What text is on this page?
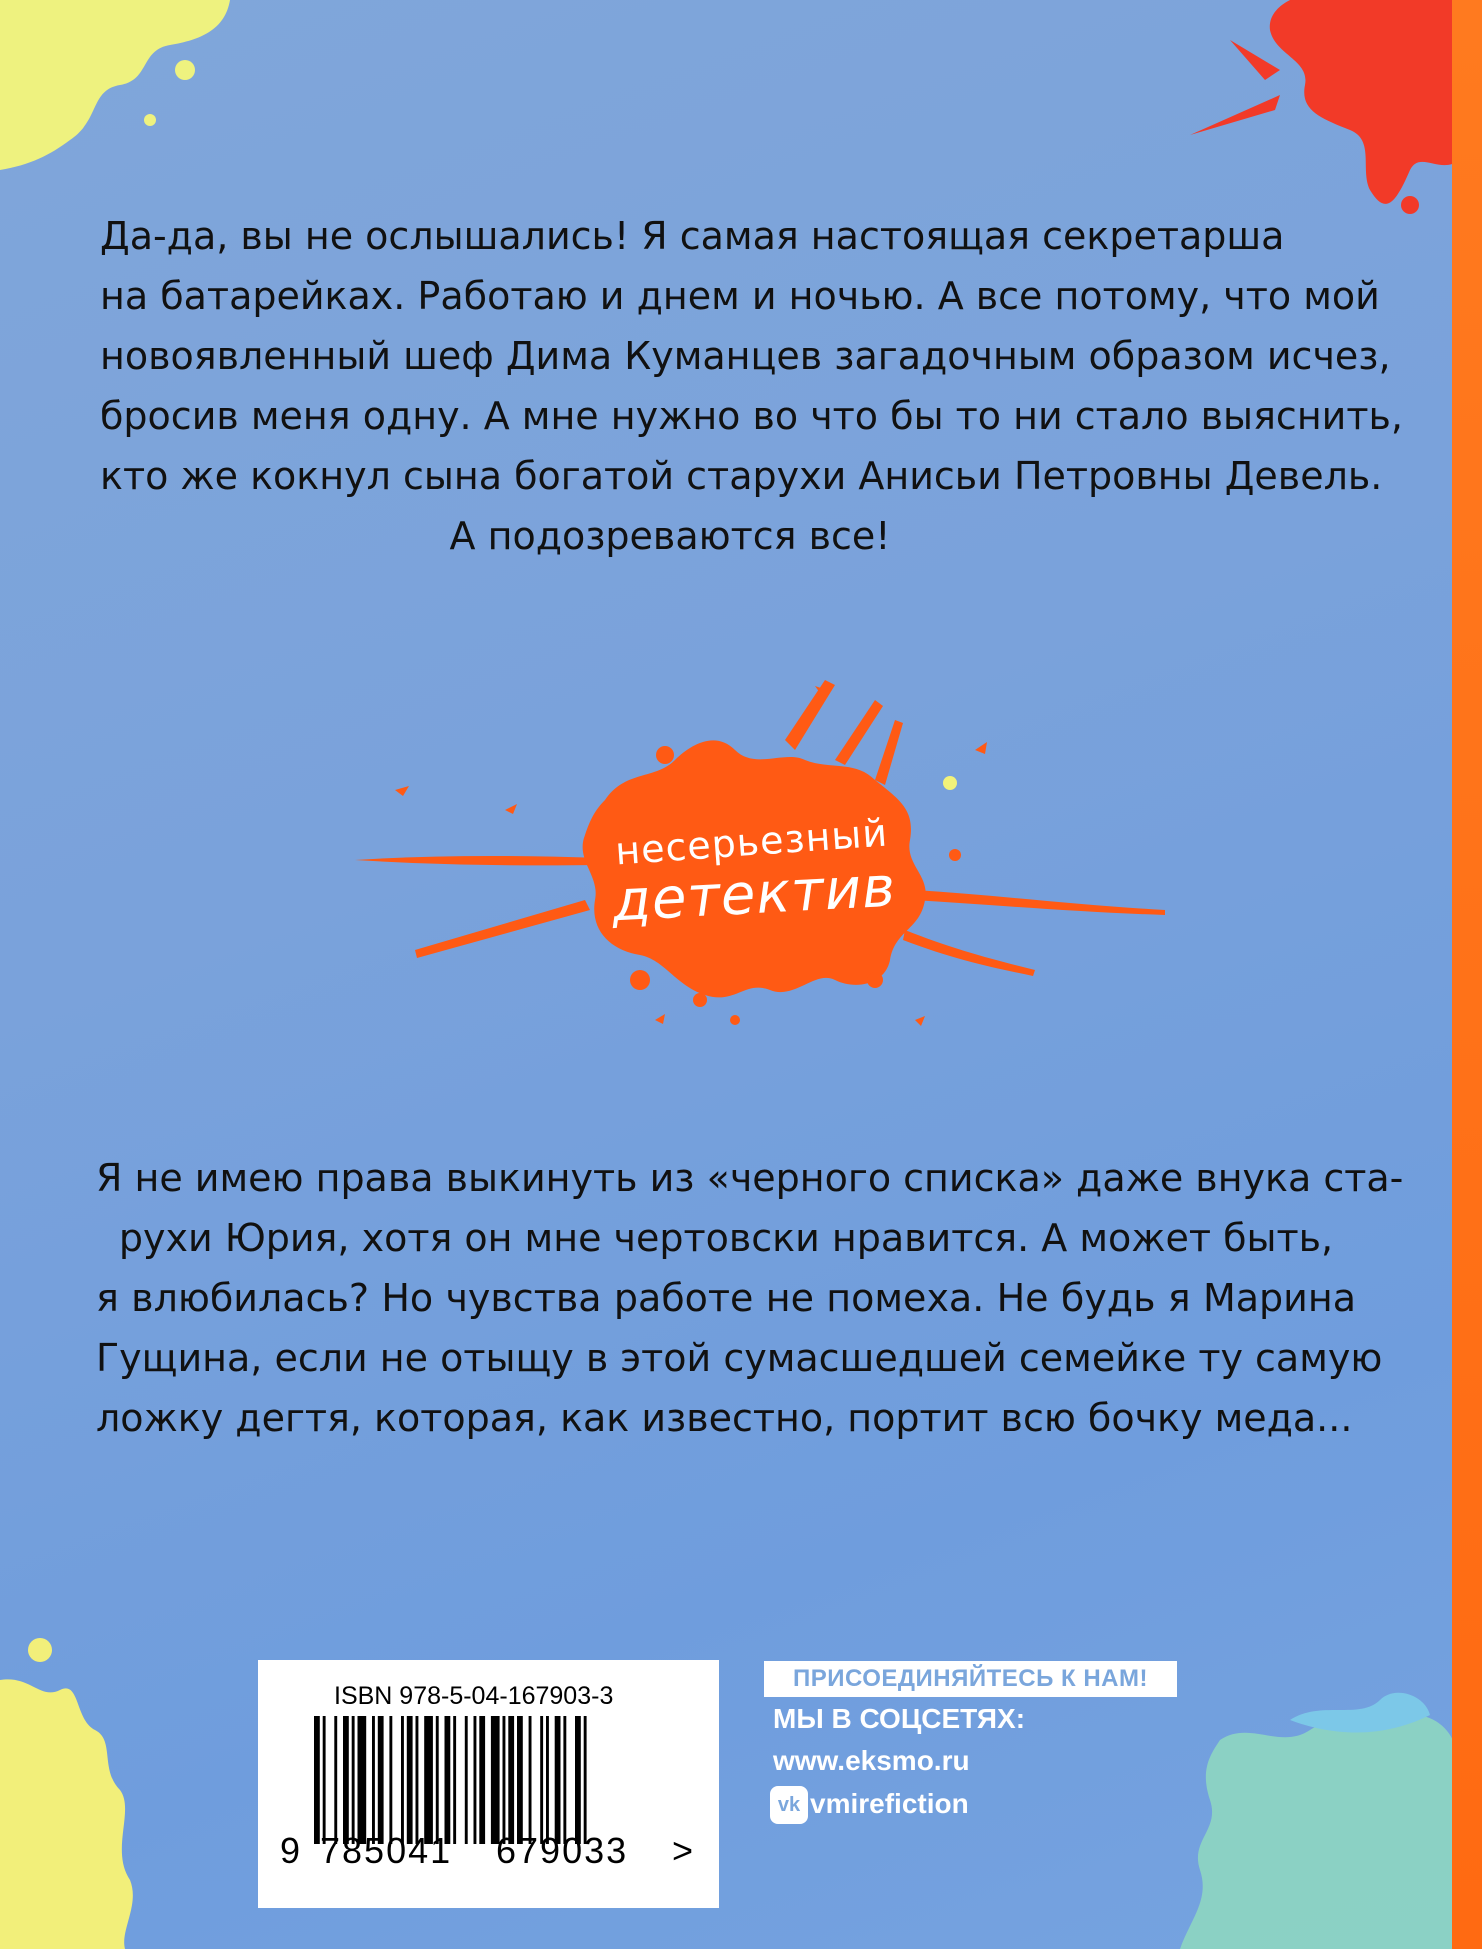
Да-да, вы не ослышались! Я самая настоящая секретарша
на батарейках. Работаю и днем и ночью. А все потому, что мой
новоявленный шеф Дима Куманцев загадочным образом исчез,
бросив меня одну. А мне нужно во что бы то ни стало выяснить,
кто же кокнул сына богатой старухи Анисьи Петровны Девель.
А подозреваются все!

несерьезный
детектив

Я не имею права выкинуть из «черного списка» даже внука ста-
рухи Юрия, хотя он мне чертовски нравится. А может быть,
я влюбилась? Но чувства работе не помеха. Не будь я Марина
Гущина, если не отыщу в этой сумасшедшей семейке ту самую
ложку дегтя, которая, как известно, портит всю бочку меда...

ISBN 978-5-04-167903-3
9 785041 679033 >
ПРИСОЕДИНЯЙТЕСЬ К НАМ!
МЫ В СОЦСЕТЯХ:
www.eksmo.ru
vk vmirefiction
